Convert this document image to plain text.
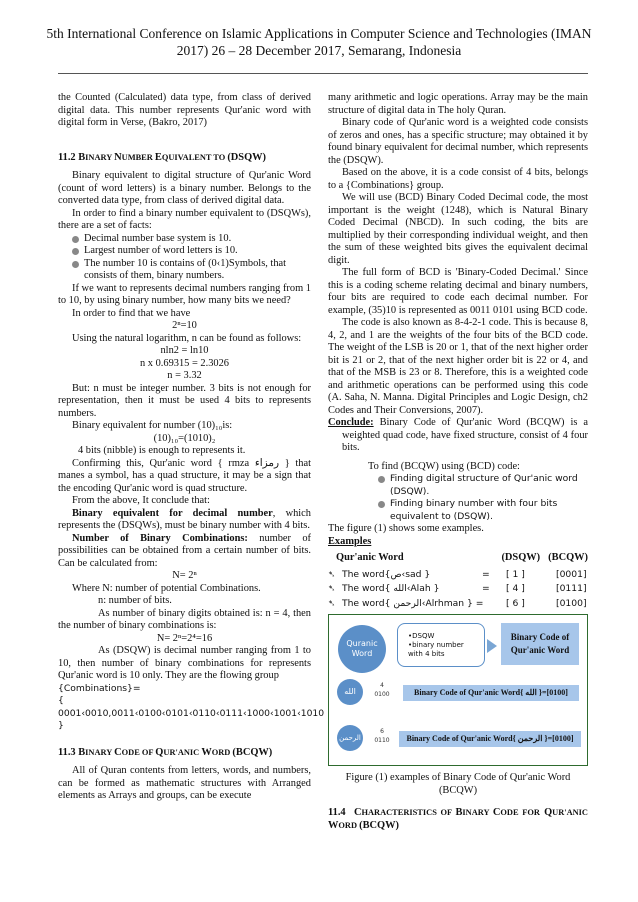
5th International Conference on Islamic Applications in Computer Science and Technologies (IMAN
2017) 26 – 28 December 2017, Semarang, Indonesia

the Counted (Calculated) data type, from class of derived digital data. This number represents Qur'anic word with digital form in Verse, (Bakro, 2017)

11.2 BINARY NUMBER EQUIVALENT TO (DSQW)

Binary equivalent to digital structure of Qur'anic Word (count of word letters) is a binary number. Belongs to the converted data type, from class of derived digital data.

In order to find a binary number equivalent to (DSQWs), there are a set of facts:

Decimal number base system is 10.
Largest number of word letters is 10.
The number 10 is contains of (0‹1)Symbols, that consists of them, binary numbers.

If we want to represents decimal numbers ranging from 1 to 10, by using binary number, how many bits we need?

In order to find that we have

2ⁿ=10

Using the natural logarithm, n can be found as follows:

nln2 = ln10

n x 0.69315 = 2.3026

n = 3.32

But: n must be integer number. 3 bits is not enough for representation, then it must be used 4 bits to represents numbers.

Binary equivalent for number (10)₁₀is:

(10)₁₀=(1010)₂

4 bits (nibble) is enough to represents it.

Confirming this, Qur'anic word { rmza رمزاء } that manes a symbol, has a quad structure, it may be a sign that the encoding Qur'anic word is quad structure.

From the above, It conclude that:

Binary equivalent for decimal number, which represents the (DSQWs), must be binary number with 4 bits.

Number of Binary Combinations: number of possibilities can be obtained from a certain number of bits. Can be calculated from:

N= 2ⁿ

Where N: number of potential Combinations.

n: number of bits.

As number of binary digits obtained is: n = 4, then the number of binary combinations is:

N= 2ⁿ=2⁴=16

As (DSQW) is decimal number ranging from 1 to 10, then number of binary combinations for represents Qur'anic word is 10 only. They are the flowing group

{Combinations}=
{
0001‹0010,0011‹0100‹0101‹0110‹0111‹1000‹1001‹1010
}

11.3 BINARY CODE OF QUR'ANIC WORD (BCQW)

All of Quran contents from letters, words, and numbers, can be formed as mathematic structures with Arranged elements as Arrays and groups, can be execute

many arithmetic and logic operations. Array may be the main structure of digital data in The holy Quran.

Binary code of Qur'anic word is a weighted code consists of zeros and ones, has a specific structure; may obtained it by found binary equivalent for decimal number, which represents the (DSQW).

Based on the above, it is a code consist of 4 bits, belongs to a {Combinations} group.

We will use (BCD) Binary Coded Decimal code, the most important is the weight (1248), which is Natural Binary Coded Decimal (NBCD). In such coding, the bits are multiplied by their corresponding individual weight, and then the sum of these weighted bits gives the equivalent decimal digit.

The full form of BCD is 'Binary-Coded Decimal.' Since this is a coding scheme relating decimal and binary numbers, four bits are required to code each decimal number. For example, (35)10 is represented as 0011 0101 using BCD code.

The code is also known as 8-4-2-1 code. This is because 8, 4, 2, and 1 are the weights of the four bits of the BCD code. The weight of the LSB is 20 or 1, that of the next higher order bit is 21 or 2, that of the next higher order bit is 22 or 4, and that of the MSB is 23 or 8. Therefore, this is a weighted code and arithmetic operations can be performed using this code (A. Saha, N. Manna. Digital Principles and Logic Design, ch2 Codes and Their Conversions, 2007).

Conclude: Binary Code of Qur'anic Word (BCQW) is a weighted quad code, have fixed structure, consist of 4 four bits.

To find (BCQW) using (BCD) code:

Finding digital structure of Qur'anic word (DSQW).
Finding binary number with four bits equivalent to (DSQW).

The figure (1) shows some examples.

Examples

Qur'anic Word	(DSQW) (BCQW)
➷ The word{ص‹sad }	=	[ 1 ]	[0001]
➷ The word{ الله‹Alah }	=	[ 4 ]	[0111]
➷ The word{ الرحمن‹Alrhman } =	[ 6 ]	[0100]
Quranic
Word
•DSQW
•binary number
with 4 bits
Binary Code of
Qur'anic Word
الله
4
0100	Binary Code of Qur'anic Word{ الله }=[0100]
الرحمن
6
0110	Binary Code of Qur'anic Word{ الرحمن }=[0100]

Figure (1) examples of Binary Code of Qur'anic Word (BCQW)

11.4 CHARACTERISTICS OF BINARY CODE FOR QUR'ANIC WORD (BCQW)
